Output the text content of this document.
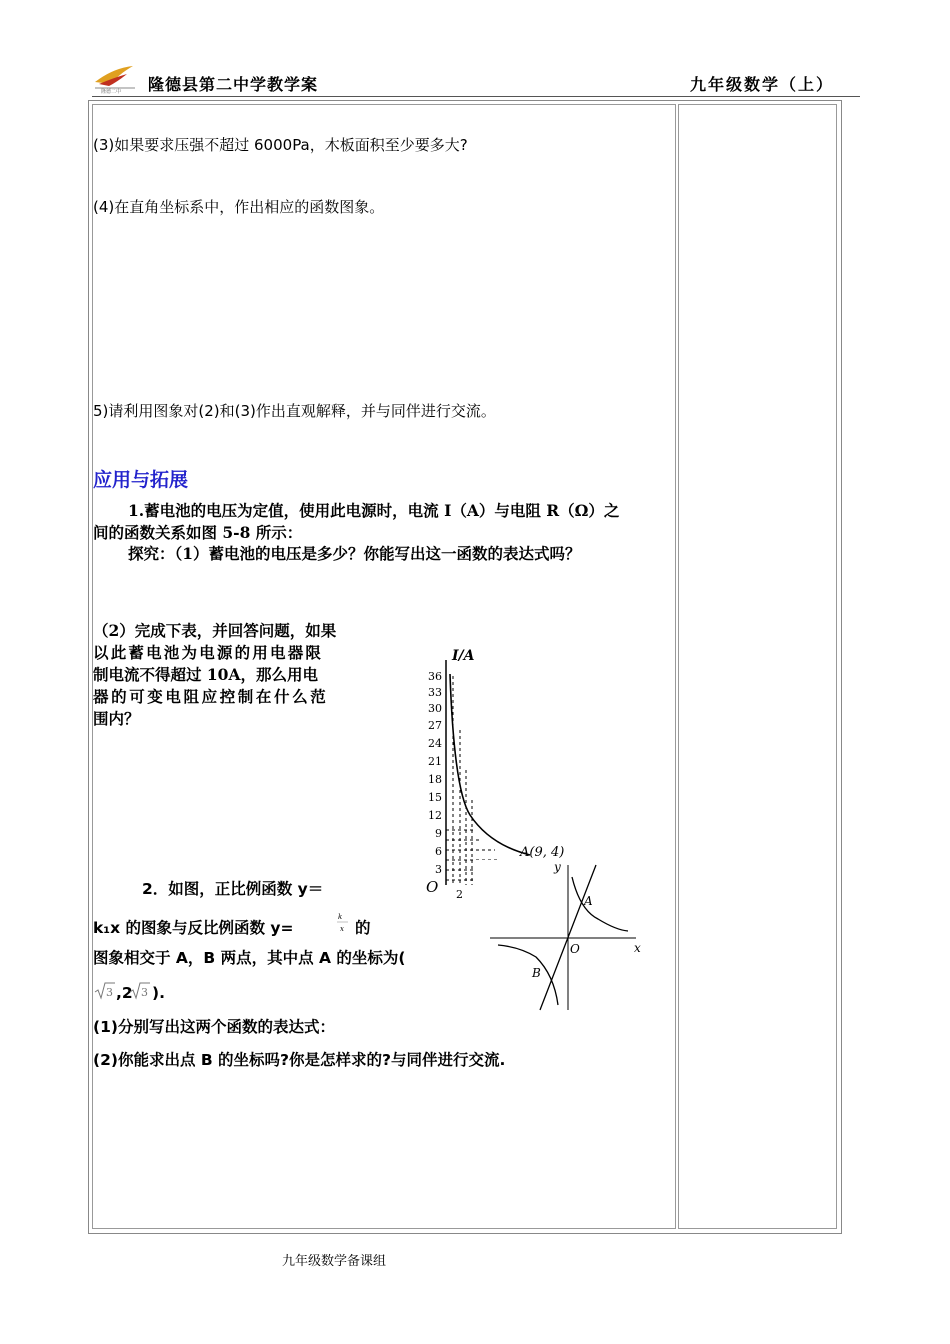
隆德二中 隆德县第二中学教学案	九年级数学（上）
(3)如果要求压强不超过 6000Pa，木板面积至少要多大?
(4)在直角坐标系中，作出相应的函数图象。
5)请利用图象对(2)和(3)作出直观解释，并与同伴进行交流。
应用与拓展
1.蓄电池的电压为定值，使用此电源时，电流 I（A）与电阻 R（Ω）之
间的函数关系如图 5-8 所示：
探究：（1）蓄电池的电压是多少？你能写出这一函数的表达式吗？
（2）完成下表，并回答问题，如果
以此蓄电池为电源的用电器限
制电流不得超过 10A，那么用电
器的可变电阻应控制在什么范
围内？
I/A
36
33
30
27
24
21
18
15
12
9
6
3
O 2
A(9, 4)
2．如图，正比例函数 y＝
k₁x 的图象与反比例函数 y=
k
x 的
图象相交于 A，B 两点，其中点 A 的坐标为(
3 ,2 3 ).
(1)分别写出这两个函数的表达式：
(2)你能求出点 B 的坐标吗?你是怎样求的?与同伴进行交流.
y
x
O
A
B
九年级数学备课组
